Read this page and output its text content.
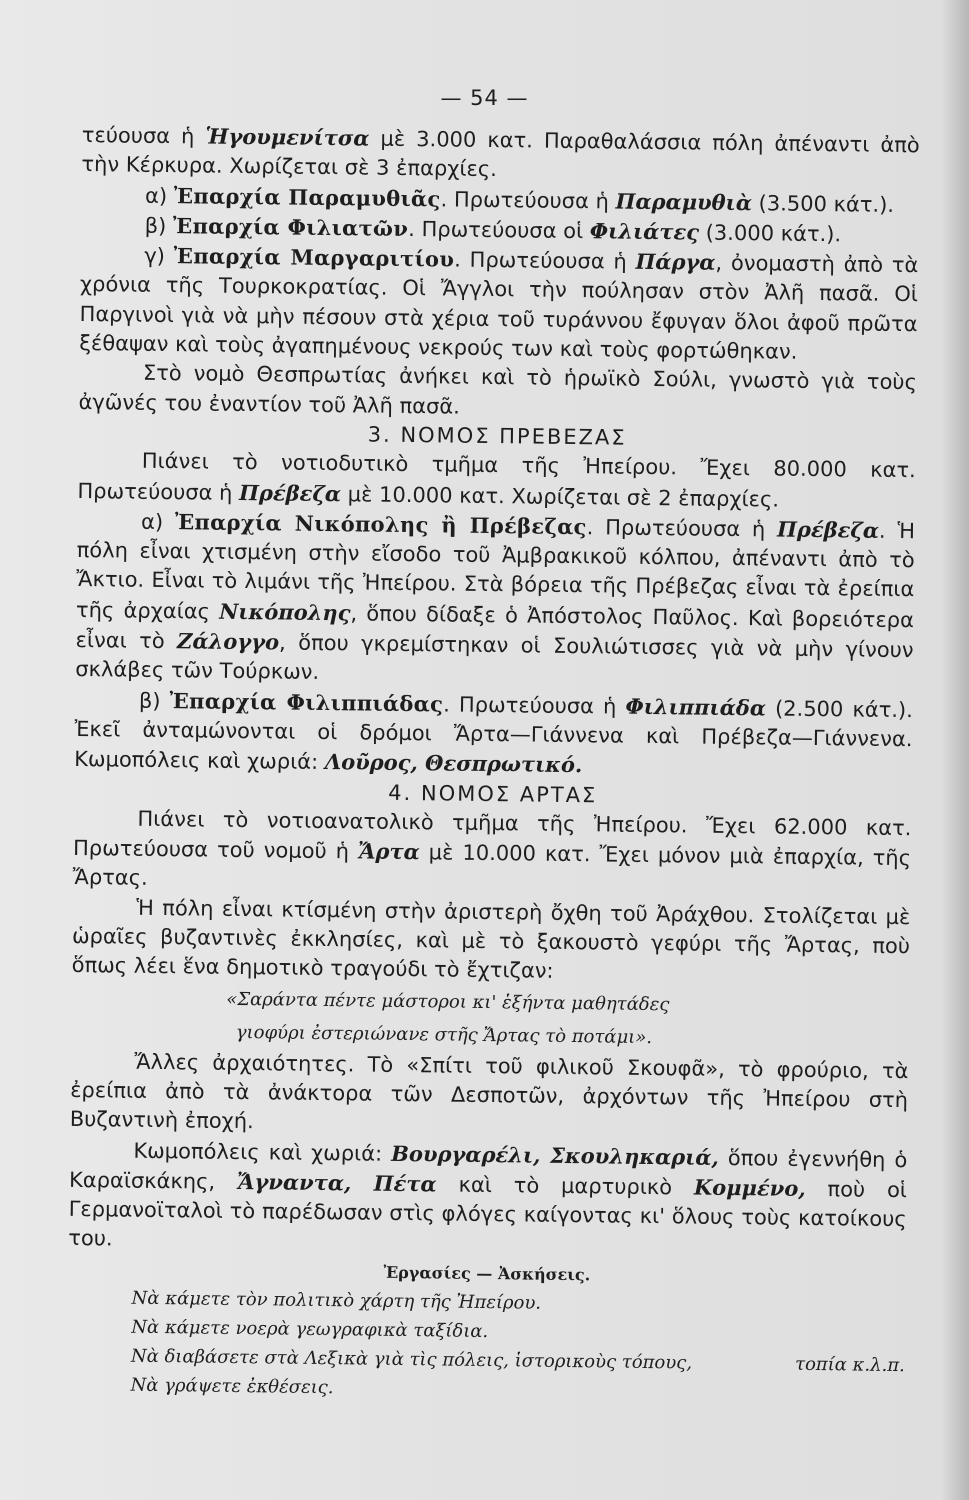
— 54 —

τεύουσα ἡ Ἡγουμενίτσα μὲ 3.000 κατ. Παραθαλάσσια πόλη ἀπέναντι ἀπὸ τὴν Κέρκυρα. Χωρίζεται σὲ 3 ἐπαρχίες.

α) Ἐπαρχία Παραμυθιᾶς. Πρωτεύουσα ἡ Παραμυθιὰ (3.500 κάτ.).

β) Ἐπαρχία Φιλιατῶν. Πρωτεύουσα οἱ Φιλιάτες (3.000 κάτ.).

γ) Ἐπαρχία Μαργαριτίου. Πρωτεύουσα ἡ Πάργα, ὀνομαστὴ ἀπὸ τὰ χρόνια τῆς Τουρκοκρατίας. Οἱ Ἄγγλοι τὴν πούλησαν στὸν Ἀλῆ πασᾶ. Οἱ Παργινοὶ γιὰ νὰ μὴν πέσουν στὰ χέρια τοῦ τυράννου ἔφυγαν ὅλοι ἀφοῦ πρῶτα ξέθαψαν καὶ τοὺς ἀγαπημένους νεκρούς των καὶ τοὺς φορτώθηκαν.

Στὸ νομὸ Θεσπρωτίας ἀνήκει καὶ τὸ ἡρωϊκὸ Σούλι, γνωστὸ γιὰ τοὺς ἀγῶνές του ἐναντίον τοῦ Ἀλῆ πασᾶ.

3. ΝΟΜΟΣ ΠΡΕΒΕΖΑΣ

Πιάνει τὸ νοτιοδυτικὸ τμῆμα τῆς Ἠπείρου. Ἔχει 80.000 κατ. Πρωτεύουσα ἡ Πρέβεζα μὲ 10.000 κατ. Χωρίζεται σὲ 2 ἐπαρχίες.

α) Ἐπαρχία Νικόπολης ἢ Πρέβεζας. Πρωτεύουσα ἡ Πρέβεζα. Ἡ πόλη εἶναι χτισμένη στὴν εἴσοδο τοῦ Ἀμβρακικοῦ κόλπου, ἀπέναντι ἀπὸ τὸ Ἄκτιο. Εἶναι τὸ λιμάνι τῆς Ἠπείρου. Στὰ βόρεια τῆς Πρέβεζας εἶναι τὰ ἐρείπια τῆς ἀρχαίας Νικόπολης, ὅπου δίδαξε ὁ Ἀπόστολος Παῦλος. Καὶ βορειότερα εἶναι τὸ Ζάλογγο, ὅπου γκρεμίστηκαν οἱ Σουλιώτισσες γιὰ νὰ μὴν γίνουν σκλάβες τῶν Τούρκων.

β) Ἐπαρχία Φιλιππιάδας. Πρωτεύουσα ἡ Φιλιππιάδα (2.500 κάτ.). Ἐκεῖ ἀνταμώνονται οἱ δρόμοι Ἄρτα—Γιάννενα καὶ Πρέβεζα—Γιάννενα. Κωμοπόλεις καὶ χωριά: Λοῦρος, Θεσπρωτικό.

4. ΝΟΜΟΣ ΑΡΤΑΣ

Πιάνει τὸ νοτιοανατολικὸ τμῆμα τῆς Ἠπείρου. Ἔχει 62.000 κατ. Πρωτεύουσα τοῦ νομοῦ ἡ Ἄρτα μὲ 10.000 κατ. Ἔχει μόνον μιὰ ἐπαρχία, τῆς Ἄρτας.

Ἡ πόλη εἶναι κτίσμένη στὴν ἀριστερὴ ὄχθη τοῦ Ἀράχθου. Στολίζεται μὲ ὡραῖες βυζαντινὲς ἐκκλησίες, καὶ μὲ τὸ ξακουστὸ γεφύρι τῆς Ἄρτας, ποὺ ὅπως λέει ἕνα δημοτικὸ τραγούδι τὸ ἔχτιζαν:

«Σαράντα πέντε μάστοροι κι' ἑξήντα μαθητάδες

γιοφύρι ἐστεριώνανε στῆς Ἄρτας τὸ ποτάμι».

Ἄλλες ἀρχαιότητες. Τὸ «Σπίτι τοῦ φιλικοῦ Σκουφᾶ», τὸ φρούριο, τὰ ἐρείπια ἀπὸ τὰ ἀνάκτορα τῶν Δεσποτῶν, ἀρχόντων τῆς Ἠπείρου στὴ Βυζαντινὴ ἐποχή.

Κωμοπόλεις καὶ χωριά: Βουργαρέλι, Σκουληκαριά, ὅπου ἐγεννήθη ὁ Καραϊσκάκης, Ἄγναντα, Πέτα καὶ τὸ μαρτυρικὸ Κομμένο, ποὺ οἱ Γερμανοϊταλοὶ τὸ παρέδωσαν στὶς φλόγες καίγοντας κι' ὅλους τοὺς κατοίκους του.

Ἐργασίες — Ἀσκήσεις.

Νὰ κάμετε τὸν πολιτικὸ χάρτη τῆς Ἠπείρου.

Νὰ κάμετε νοερὰ γεωγραφικὰ ταξίδια.

Νὰ διαβάσετε στὰ Λεξικὰ γιὰ τὶς πόλεις, ἱστορικοὺς τόπους,	τοπία κ.λ.π.

Νὰ γράψετε ἐκθέσεις.
